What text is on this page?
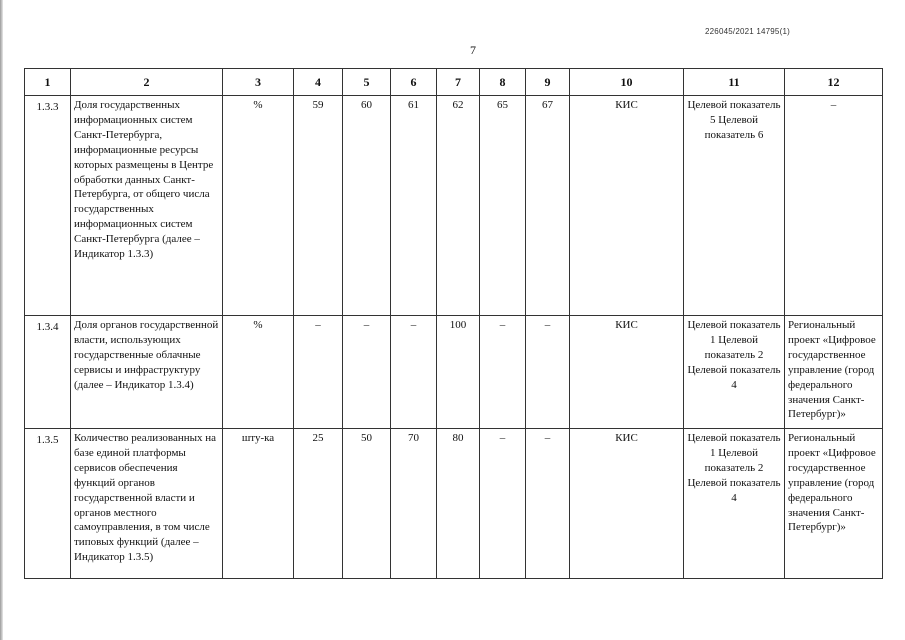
226045/2021 14795(1)
7
1	2	3	4	5	6	7	8	9	10	11	12
1.3.3	Доля государственных информационных систем Санкт-Петербурга, информационные ресурсы которых размещены в Центре обработки данных Санкт-Петербурга, от общего числа государственных информационных систем Санкт-Петербурга (далее – Индикатор 1.3.3)	%	59	60	61	62	65	67	КИС	Целевой показатель 5 Целевой показатель 6	–
1.3.4	Доля органов государственной власти, использующих государственные облачные сервисы и инфраструктуру (далее – Индикатор 1.3.4)	%	–	–	–	100	–	–	КИС	Целевой показатель 1 Целевой показатель 2 Целевой показатель 4	Региональный проект «Цифровое государственное управление (город федерального значения Санкт-Петербург)»
1.3.5	Количество реализованных на базе единой платформы сервисов обеспечения функций органов государственной власти и органов местного самоуправления, в том числе типовых функций (далее – Индикатор 1.3.5)	шту-ка	25	50	70	80	–	–	КИС	Целевой показатель 1 Целевой показатель 2 Целевой показатель 4	Региональный проект «Цифровое государственное управление (город федерального значения Санкт-Петербург)»
